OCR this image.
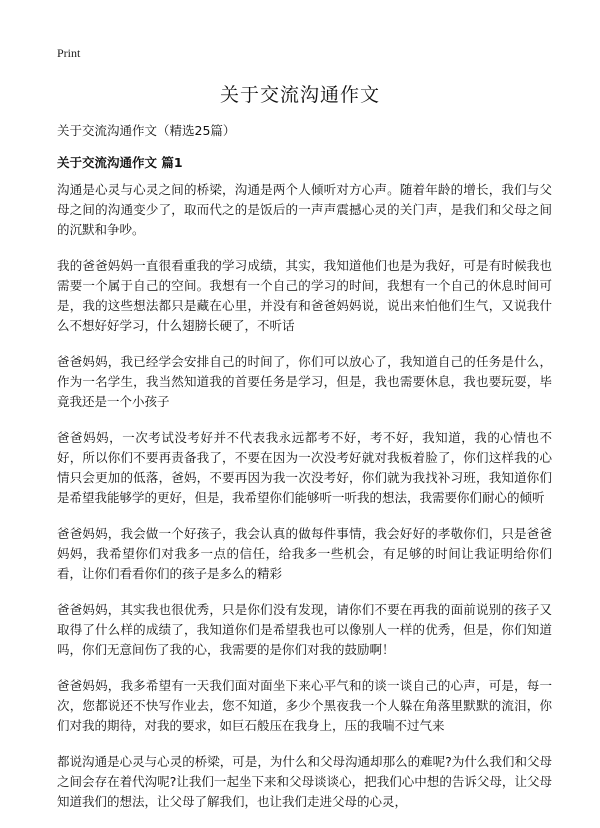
Print
关于交流沟通作文

关于交流沟通作文（精选25篇）

关于交流沟通作文 篇1

沟通是心灵与心灵之间的桥梁，沟通是两个人倾听对方心声。随着年龄的增长，我们与父母之间的沟通变少了，取而代之的是饭后的一声声震撼心灵的关门声，是我们和父母之间的沉默和争吵。

我的爸爸妈妈一直很看重我的学习成绩，其实，我知道他们也是为我好，可是有时候我也需要一个属于自己的空间。我想有一个自己的学习的时间，我想有一个自己的休息时间可是，我的这些想法都只是藏在心里，并没有和爸爸妈妈说，说出来怕他们生气，又说我什么不想好好学习，什么翅膀长硬了，不听话

爸爸妈妈，我已经学会安排自己的时间了，你们可以放心了，我知道自己的任务是什么，作为一名学生，我当然知道我的首要任务是学习，但是，我也需要休息，我也要玩耍，毕竟我还是一个小孩子

爸爸妈妈，一次考试没考好并不代表我永远都考不好，考不好，我知道，我的心情也不好，所以你们不要再责备我了，不要在因为一次没考好就对我板着脸了，你们这样我的心情只会更加的低落，爸妈，不要再因为我一次没考好，你们就为我找补习班，我知道你们是希望我能够学的更好，但是，我希望你们能够听一听我的想法，我需要你们耐心的倾听

爸爸妈妈，我会做一个好孩子，我会认真的做每件事情，我会好好的孝敬你们，只是爸爸妈妈，我希望你们对我多一点的信任，给我多一些机会，有足够的时间让我证明给你们看，让你们看看你们的孩子是多么的精彩

爸爸妈妈，其实我也很优秀，只是你们没有发现，请你们不要在再我的面前说别的孩子又取得了什么样的成绩了，我知道你们是希望我也可以像别人一样的优秀，但是，你们知道吗，你们无意间伤了我的心，我需要的是你们对我的鼓励啊！

爸爸妈妈，我多希望有一天我们面对面坐下来心平气和的谈一谈自己的心声，可是，每一次，您都说还不快写作业去，您不知道，多少个黑夜我一个人躲在角落里默默的流泪，你们对我的期待，对我的要求，如巨石般压在我身上，压的我喘不过气来

都说沟通是心灵与心灵的桥梁，可是，为什么和父母沟通却那么的难呢?为什么我们和父母之间会存在着代沟呢?让我们一起坐下来和父母谈谈心，把我们心中想的告诉父母，让父母知道我们的想法，让父母了解我们，也让我们走进父母的心灵，
